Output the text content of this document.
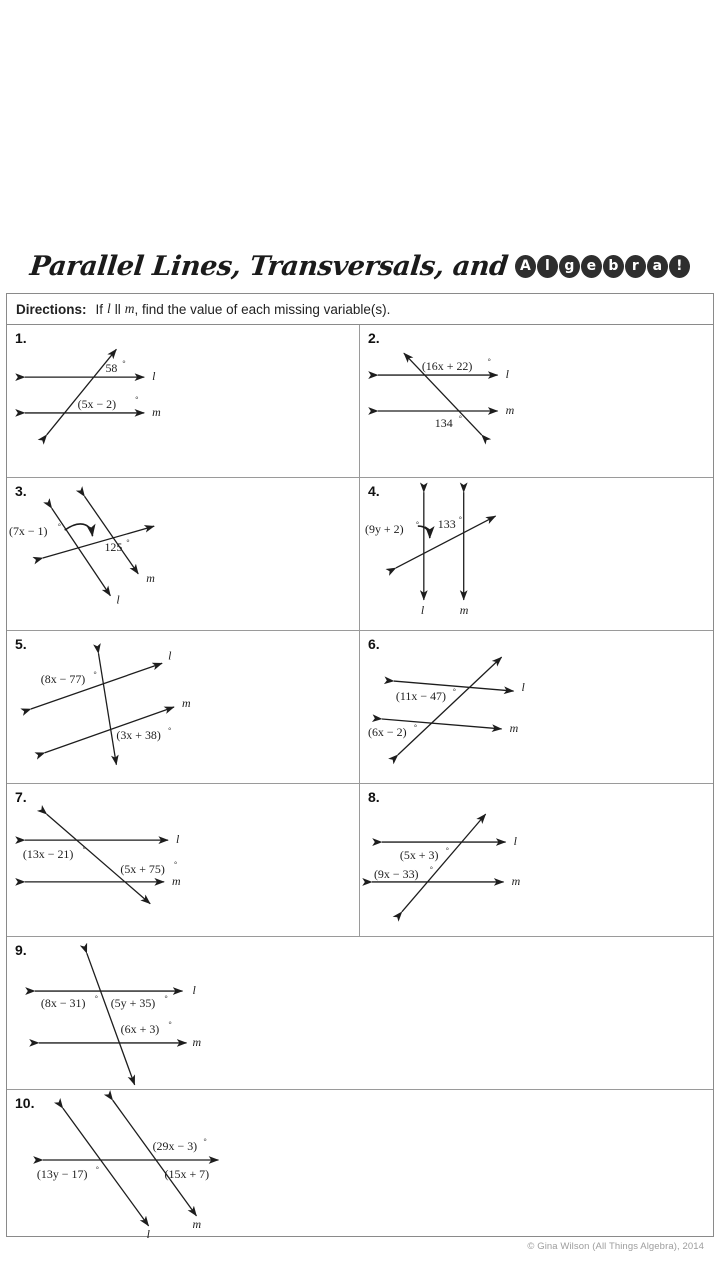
Parallel Lines, Transversals, and A	l	g e b r a	!
Directions: If l ll m , find the value of each missing variable(s).
1.
l
m
58 °
(5x − 2) °
2.
l
m
(16x + 22) °
134 °
3.
m
l
(7x − 1) °
125 °
4.
l	m
(9y + 2) ° 133 °
5.
l
m
(8x − 77) °
(3x + 38) °
6.
l
m
(11x − 47) °
(6x − 2) °
7.
l
m
(13x − 21) °
(5x + 75) °
8.
l
m
(5x + 3) °
(9x − 33) °
9.
l
m
(8x − 31) ° (5y + 35) °
(6x + 3) °
10.
l
m
(29x − 3) °
(13y − 17) °	(15x + 7)
© Gina Wilson (All Things Algebra), 2014
